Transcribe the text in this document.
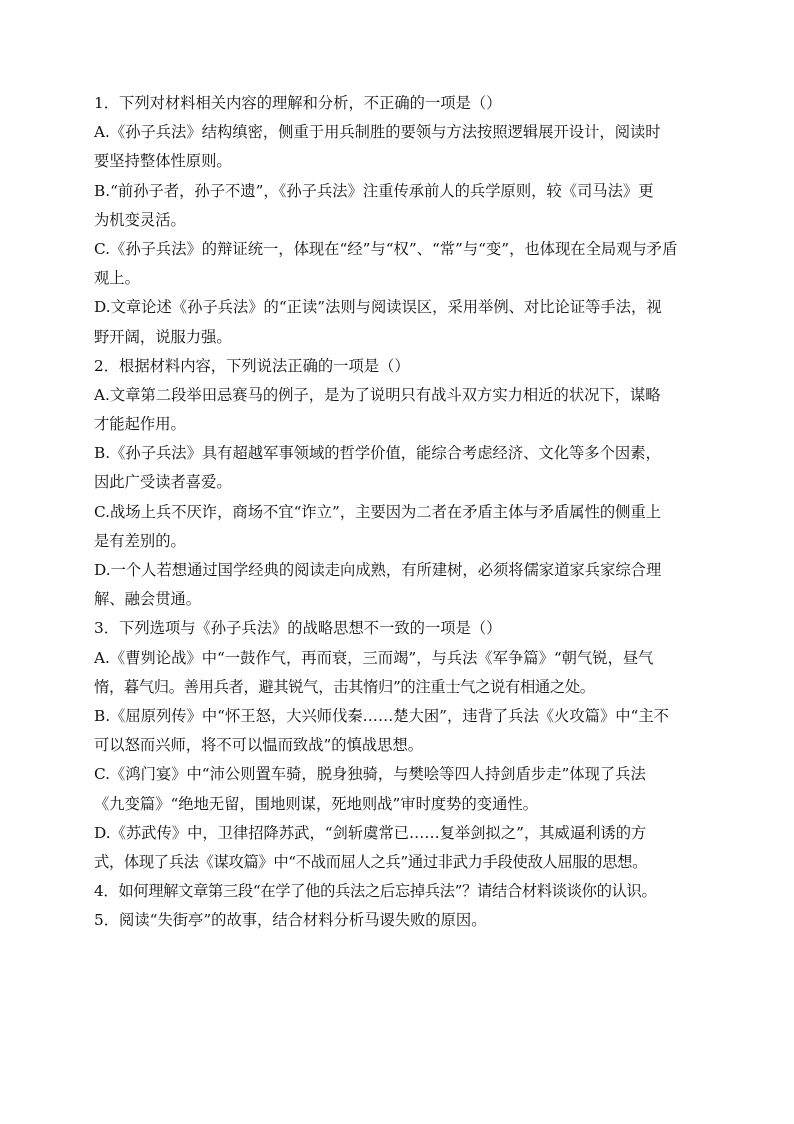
1．下列对材料相关内容的理解和分析，不正确的一项是（）
A.《孙子兵法》结构缜密，侧重于用兵制胜的要领与方法按照逻辑展开设计，阅读时
要坚持整体性原则。
B.“前孙子者，孙子不遗”，《孙子兵法》注重传承前人的兵学原则，较《司马法》更
为机变灵活。
C.《孙子兵法》的辩证统一，体现在“经”与“权”、“常”与“变”，也体现在全局观与矛盾
观上。
D.文章论述《孙子兵法》的“正读”法则与阅读误区，采用举例、对比论证等手法，视
野开阔，说服力强。
2．根据材料内容，下列说法正确的一项是（）
A.文章第二段举田忌赛马的例子，是为了说明只有战斗双方实力相近的状况下，谋略
才能起作用。
B.《孙子兵法》具有超越军事领域的哲学价值，能综合考虑经济、文化等多个因素，
因此广受读者喜爱。
C.战场上兵不厌诈，商场不宜“诈立”，主要因为二者在矛盾主体与矛盾属性的侧重上
是有差别的。
D.一个人若想通过国学经典的阅读走向成熟，有所建树，必须将儒家道家兵家综合理
解、融会贯通。
3．下列选项与《孙子兵法》的战略思想不一致的一项是（）
A.《曹刿论战》中“一鼓作气，再而衰，三而竭”，与兵法《军争篇》“朝气锐，昼气
惰，暮气归。善用兵者，避其锐气，击其惰归”的注重士气之说有相通之处。
B.《屈原列传》中“怀王怒，大兴师伐秦……楚大困”，违背了兵法《火攻篇》中“主不
可以怒而兴师，将不可以愠而致战”的慎战思想。
C.《鸿门宴》中“沛公则置车骑，脱身独骑，与樊哙等四人持剑盾步走”体现了兵法
《九变篇》“绝地无留，围地则谋，死地则战”审时度势的变通性。
D.《苏武传》中，卫律招降苏武，“剑斩虞常已……复举剑拟之”，其威逼利诱的方
式，体现了兵法《谋攻篇》中“不战而屈人之兵”通过非武力手段使敌人屈服的思想。
4．如何理解文章第三段“在学了他的兵法之后忘掉兵法”？请结合材料谈谈你的认识。
5．阅读“失街亭”的故事，结合材料分析马谡失败的原因。
